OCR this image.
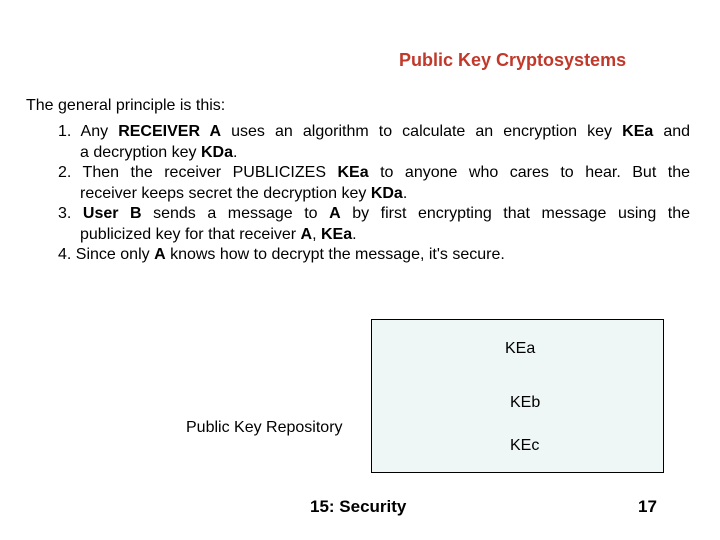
Public Key Cryptosystems
The general principle is this:
1. Any RECEIVER A uses an algorithm to calculate an encryption key KEa and
a decryption key KDa.
2. Then the receiver PUBLICIZES KEa to anyone who cares to hear. But the
receiver keeps secret the decryption key KDa.
3. User B sends a message to A by first encrypting that message using the
publicized key for that receiver A, KEa.
4. Since only A knows how to decrypt the message, it's secure.
KEa
KEb
KEc
Public Key Repository
15: Security	17
